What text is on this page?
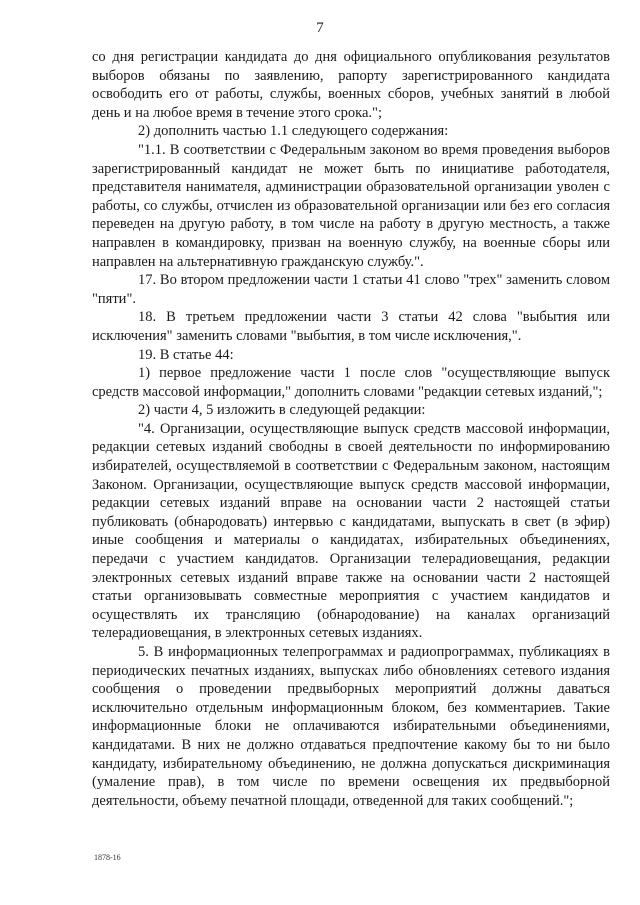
7

со дня регистрации кандидата до дня официального опубликования результатов выборов обязаны по заявлению, рапорту зарегистрированного кандидата освободить его от работы, службы, военных сборов, учебных занятий в любой день и на любое время в течение этого срока.";

2) дополнить частью 1.1 следующего содержания:

"1.1. В соответствии с Федеральным законом во время проведения выборов зарегистрированный кандидат не может быть по инициативе работодателя, представителя нанимателя, администрации образовательной организации уволен с работы, со службы, отчислен из образовательной организации или без его согласия переведен на другую работу, в том числе на работу в другую местность, а также направлен в командировку, призван на военную службу, на военные сборы или направлен на альтернативную гражданскую службу.".

17. Во втором предложении части 1 статьи 41 слово "трех" заменить словом "пяти".

18. В третьем предложении части 3 статьи 42 слова "выбытия или исключения" заменить словами "выбытия, в том числе исключения,".

19. В статье 44:

1) первое предложение части 1 после слов "осуществляющие выпуск средств массовой информации," дополнить словами "редакции сетевых изданий,";

2) части 4, 5 изложить в следующей редакции:

"4. Организации, осуществляющие выпуск средств массовой информации, редакции сетевых изданий свободны в своей деятельности по информированию избирателей, осуществляемой в соответствии с Федеральным законом, настоящим Законом. Организации, осуществляющие выпуск средств массовой информации, редакции сетевых изданий вправе на основании части 2 настоящей статьи публиковать (обнародовать) интервью с кандидатами, выпускать в свет (в эфир) иные сообщения и материалы о кандидатах, избирательных объединениях, передачи с участием кандидатов. Организации телерадиовещания, редакции электронных сетевых изданий вправе также на основании части 2 настоящей статьи организовывать совместные мероприятия с участием кандидатов и осуществлять их трансляцию (обнародование) на каналах организаций телерадиовещания, в электронных сетевых изданиях.

5. В информационных телепрограммах и радиопрограммах, публикациях в периодических печатных изданиях, выпусках либо обновлениях сетевого издания сообщения о проведении предвыборных мероприятий должны даваться исключительно отдельным информационным блоком, без комментариев. Такие информационные блоки не оплачиваются избирательными объединениями, кандидатами. В них не должно отдаваться предпочтение какому бы то ни было кандидату, избирательному объединению, не должна допускаться дискриминация (умаление прав), в том числе по времени освещения их предвыборной деятельности, объему печатной площади, отведенной для таких сообщений.";

1878-16
